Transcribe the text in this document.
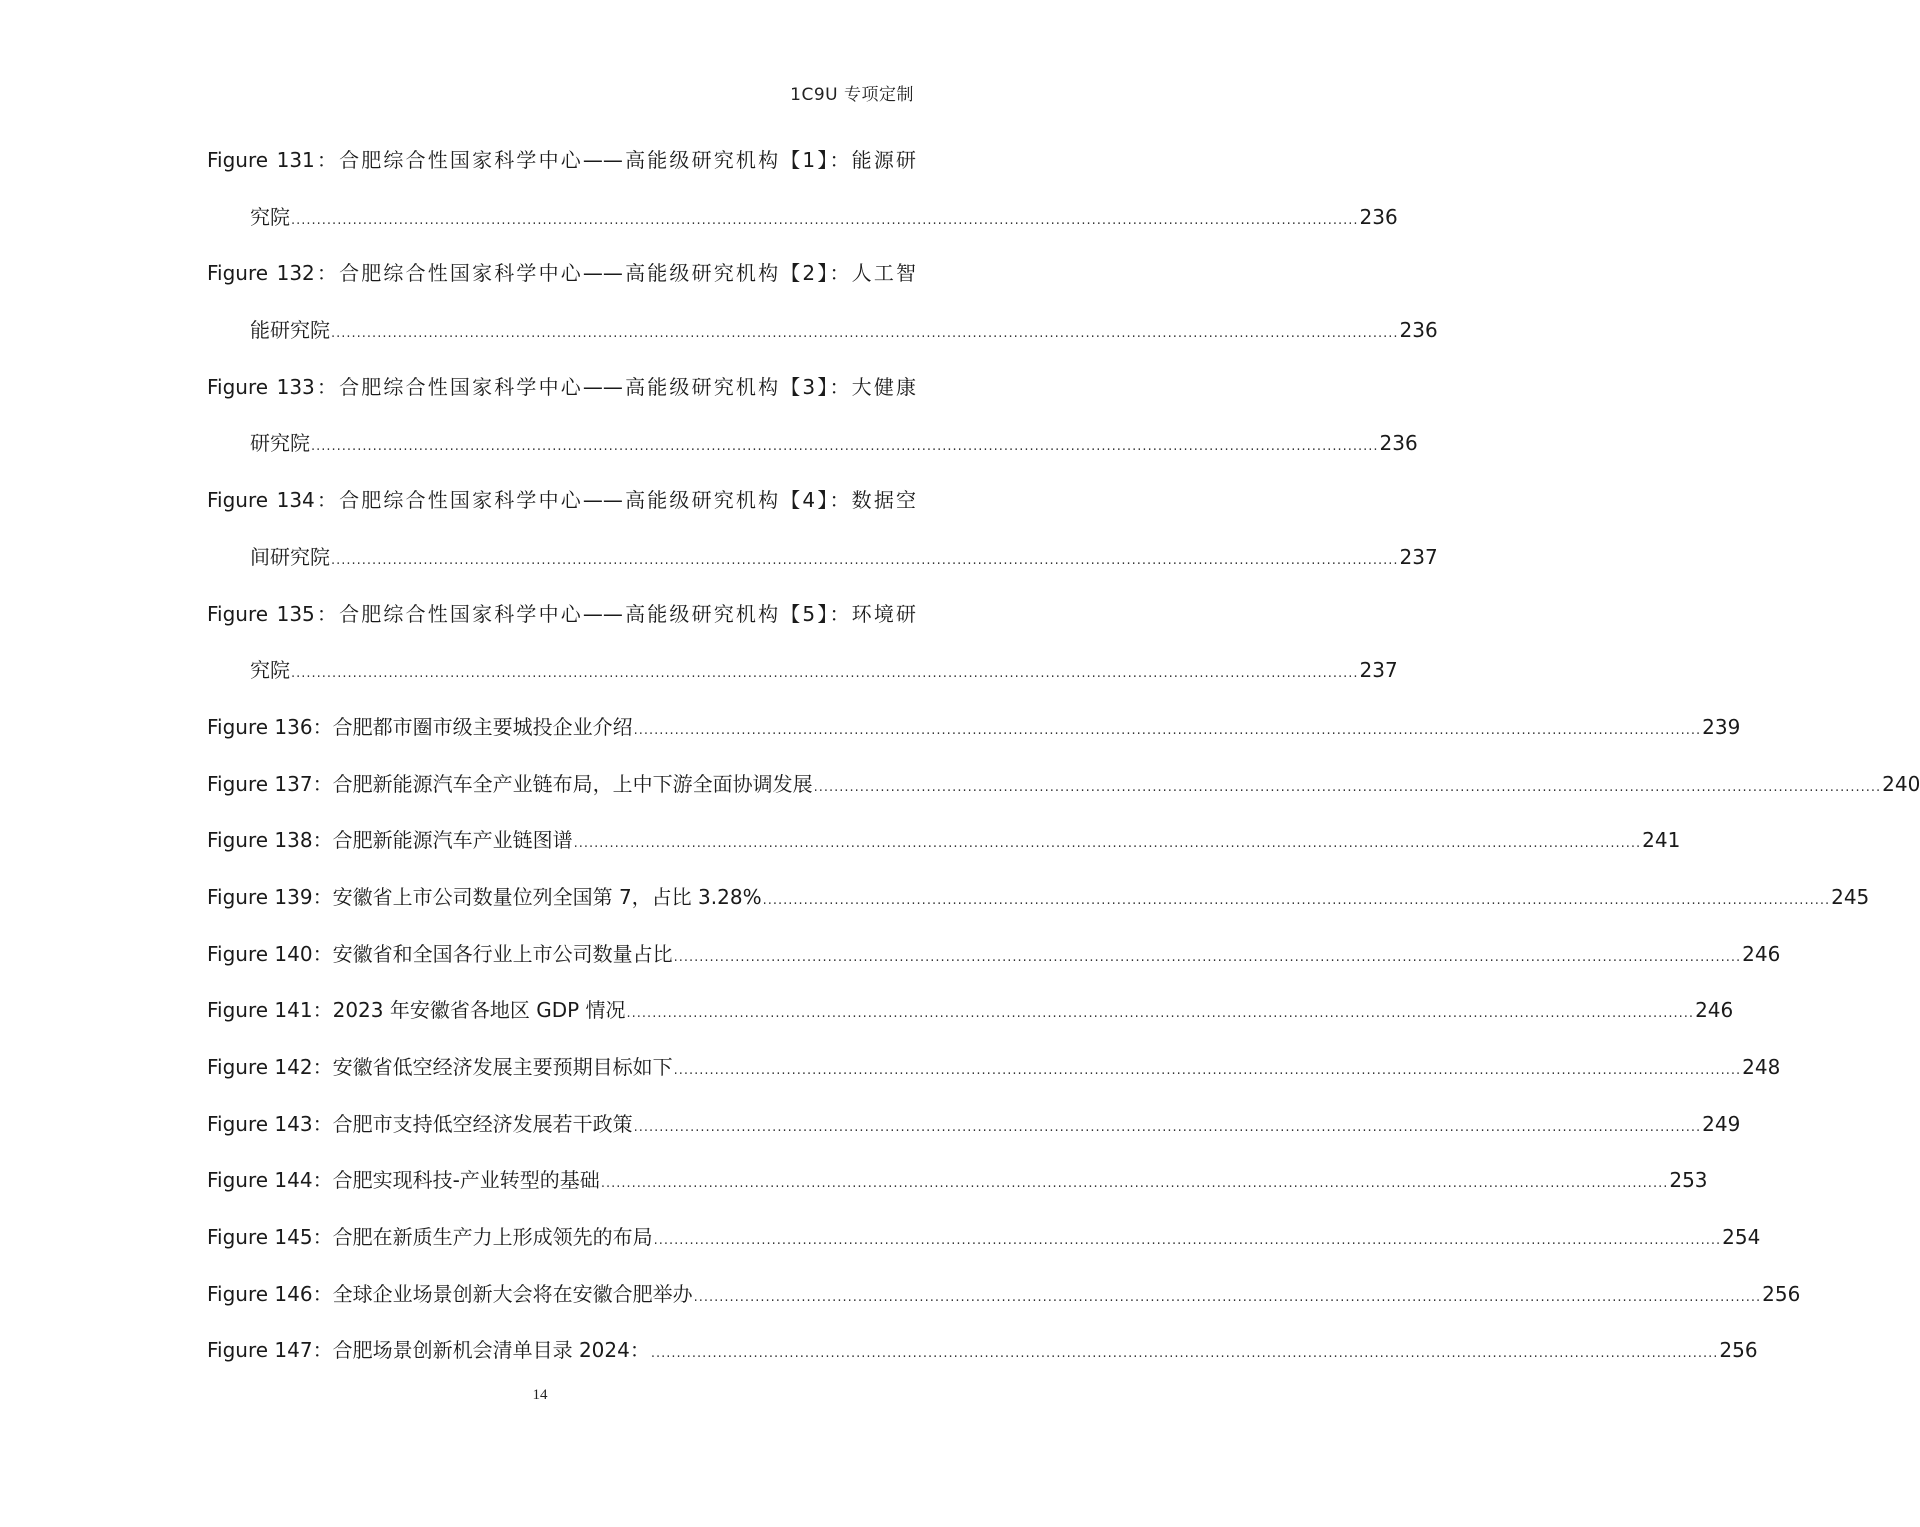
1C9U 专项定制
Figure 131：合肥综合性国家科学中心——高能级研究机构【1】：能源研
究院 .....	236
Figure 132：合肥综合性国家科学中心——高能级研究机构【2】：人工智
能研究院 .....	236
Figure 133：合肥综合性国家科学中心——高能级研究机构【3】：大健康
研究院 .....	236
Figure 134：合肥综合性国家科学中心——高能级研究机构【4】：数据空
间研究院 .....	237
Figure 135：合肥综合性国家科学中心——高能级研究机构【5】：环境研
究院 .....	237
Figure 136：合肥都市圈市级主要城投企业介绍 .....	239
Figure 137：合肥新能源汽车全产业链布局，上中下游全面协调发展 .....	240
Figure 138：合肥新能源汽车产业链图谱 .....	241
Figure 139：安徽省上市公司数量位列全国第 7，占比 3.28% .....	245
Figure 140：安徽省和全国各行业上市公司数量占比 .....	246
Figure 141：2023 年安徽省各地区 GDP 情况 .....	246
Figure 142：安徽省低空经济发展主要预期目标如下 .....	248
Figure 143：合肥市支持低空经济发展若干政策 .....	249
Figure 144：合肥实现科技-产业转型的基础 .....	253
Figure 145：合肥在新质生产力上形成领先的布局 .....	254
Figure 146：全球企业场景创新大会将在安徽合肥举办 .....	256
Figure 147：合肥场景创新机会清单目录 2024： .....	256
14
